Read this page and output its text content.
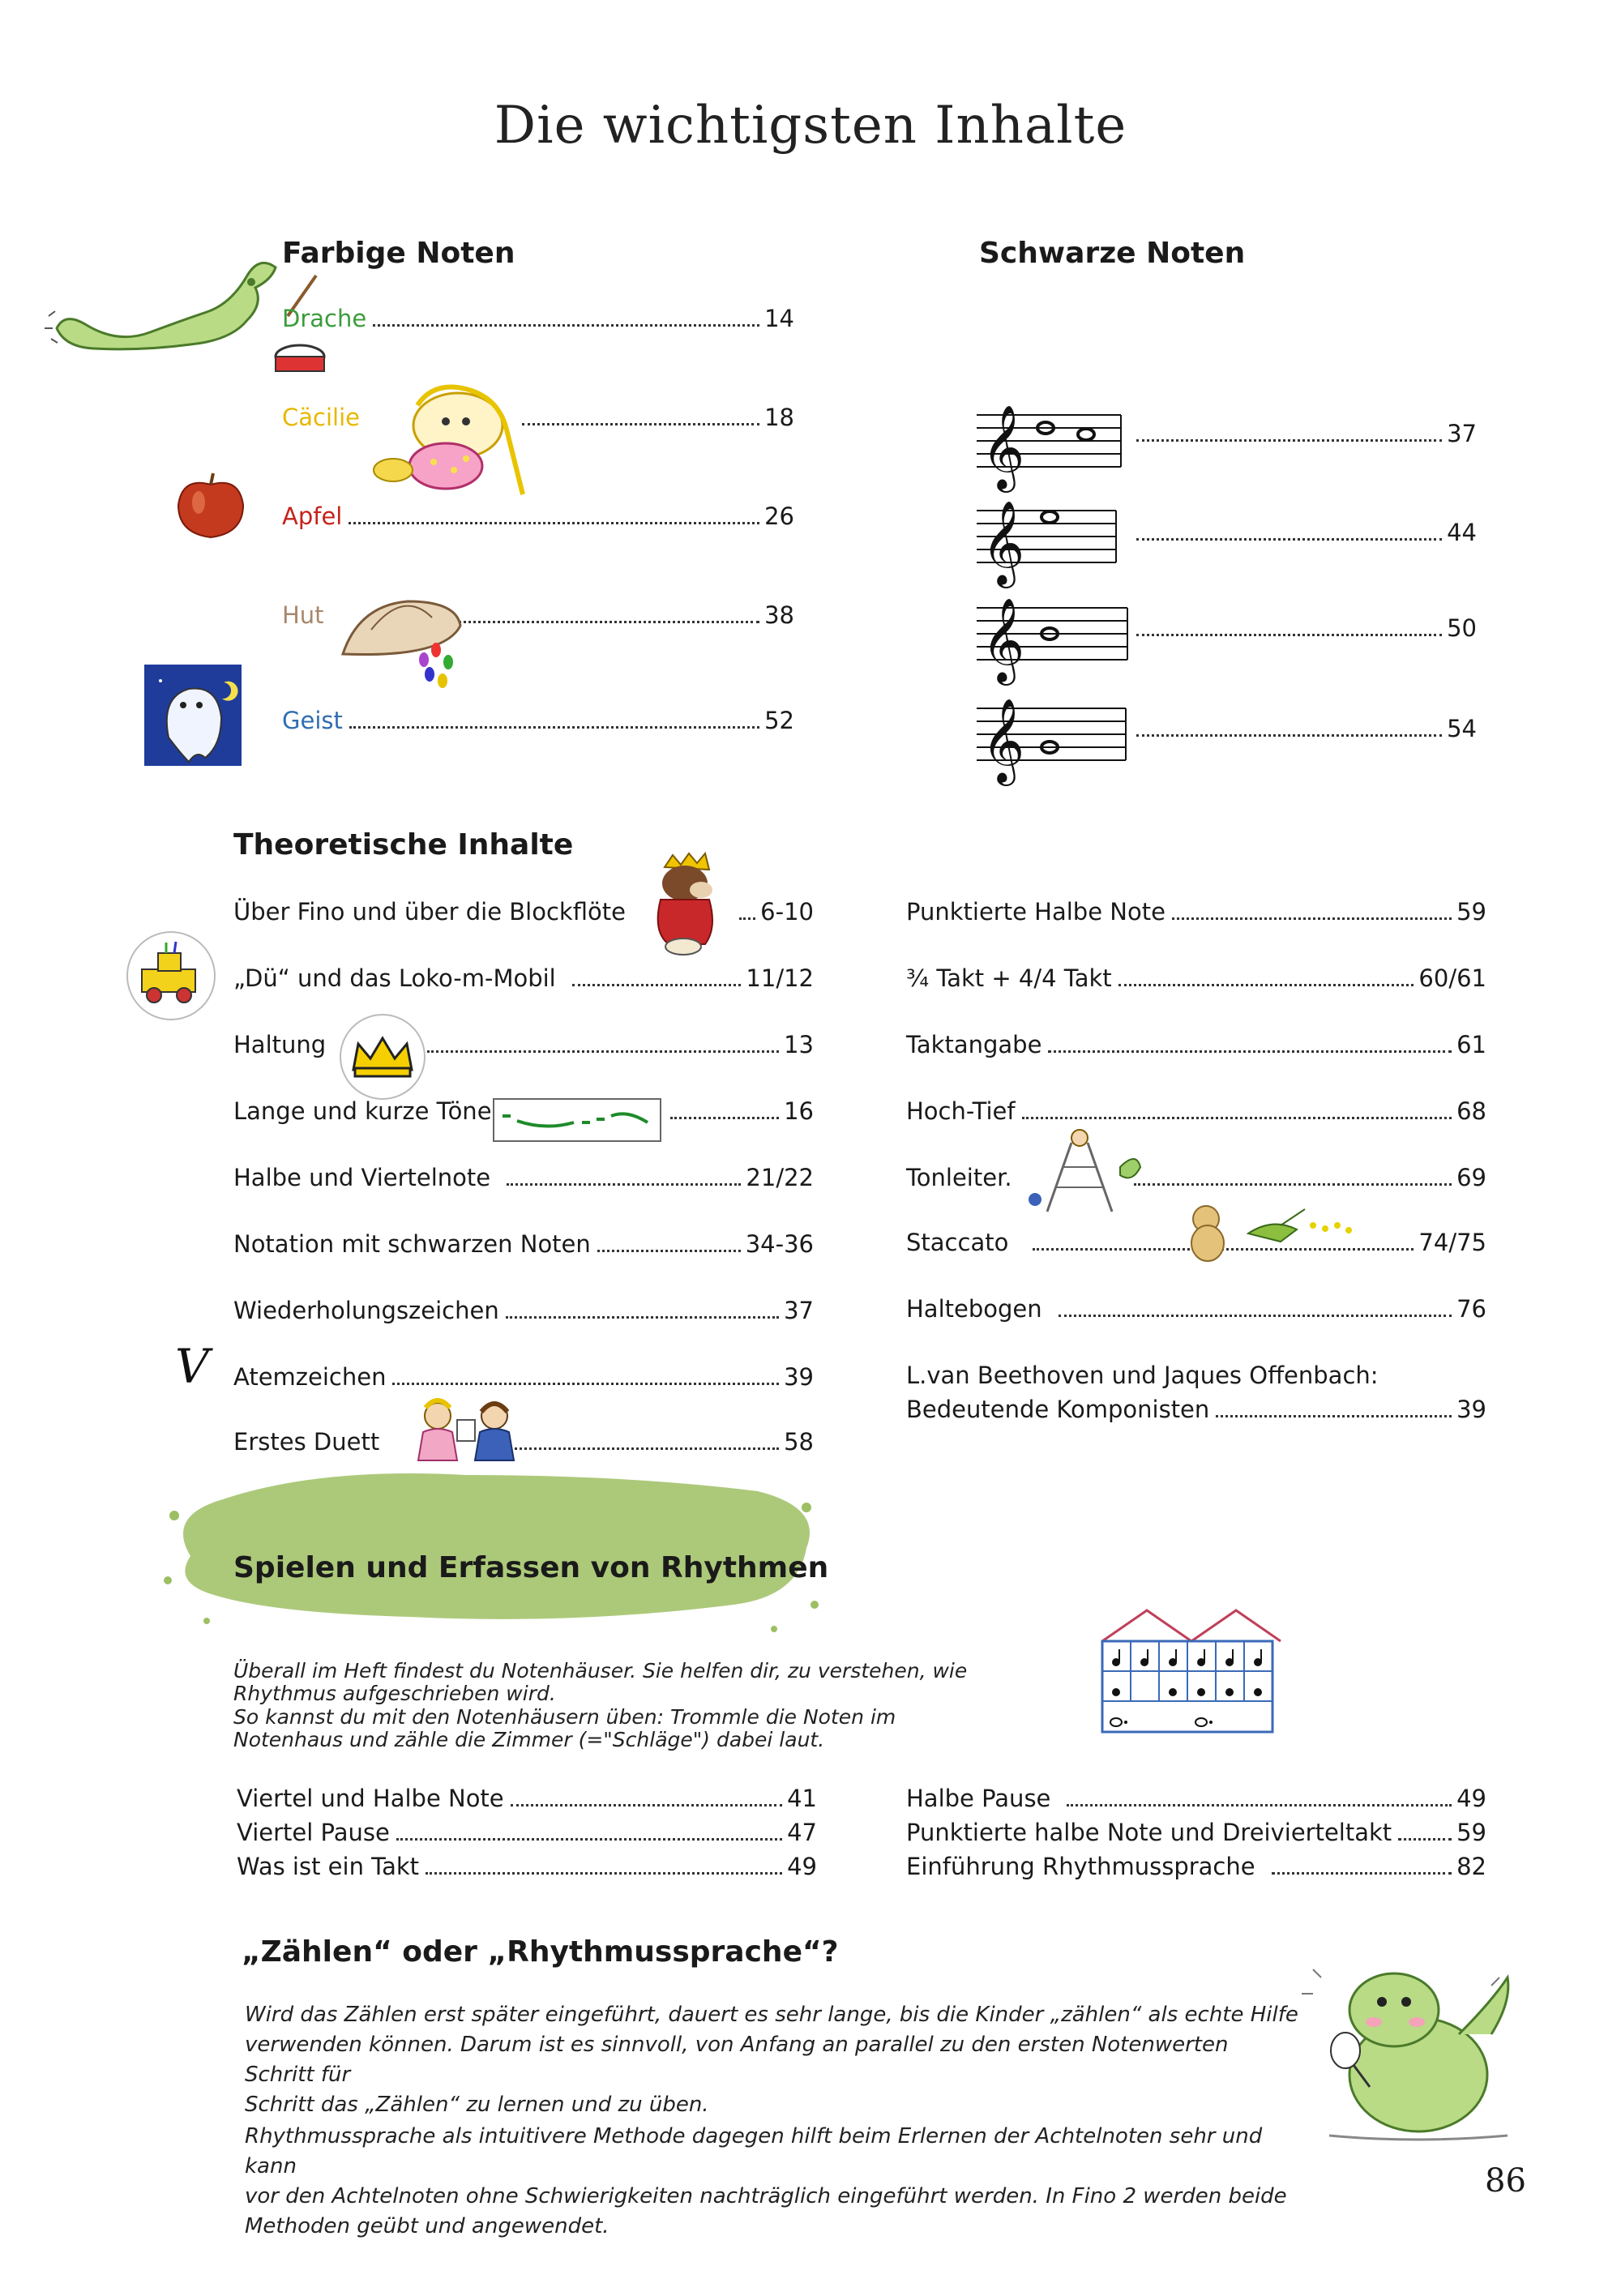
Die wichtigsten Inhalte
Farbige Noten
Drache	14
Cäcilie	18
Apfel	26
Hut	38
Geist	52
Schwarze Noten
𝄞	37
𝄞	44
𝄞	50
𝄞	54
Theoretische Inhalte
Über Fino und über die Blockflöte	6-10
„Dü“ und das Loko-m-Mobil	11/12
Haltung	13
Lange und kurze Töne	16
Halbe und Viertelnote	21/22
Notation mit schwarzen Noten	34-36
Wiederholungszeichen	37
V Atemzeichen	39
Erstes Duett	58
Punktierte Halbe Note	59
¾ Takt + 4/4 Takt	60/61
Taktangabe	61
Hoch-Tief	68
Tonleiter.	69
Staccato	74/75
Haltebogen	76
L.van Beethoven und Jaques Offenbach:
Bedeutende Komponisten	39
Spielen und Erfassen von Rhythmen
Überall im Heft findest du Notenhäuser. Sie helfen dir, zu verstehen, wie Rhythmus aufgeschrieben wird.
So kannst du mit den Notenhäusern üben: Trommle die Noten im Notenhaus und zähle die Zimmer (="Schläge") dabei laut.
Viertel und Halbe Note	41
Viertel Pause	47
Was ist ein Takt	49
Halbe Pause	49
Punktierte halbe Note und Dreivierteltakt	59
Einführung Rhythmussprache	82
„Zählen“ oder „Rhythmussprache“?
Wird das Zählen erst später eingeführt, dauert es sehr lange, bis die Kinder „zählen“ als echte Hilfe
verwenden können. Darum ist es sinnvoll, von Anfang an parallel zu den ersten Notenwerten Schritt für
Schritt das „Zählen“ zu lernen und zu üben.
Rhythmussprache als intuitivere Methode dagegen hilft beim Erlernen der Achtelnoten sehr und kann
vor den Achtelnoten ohne Schwierigkeiten nachträglich eingeführt werden. In Fino 2 werden beide
Methoden geübt und angewendet.
86
